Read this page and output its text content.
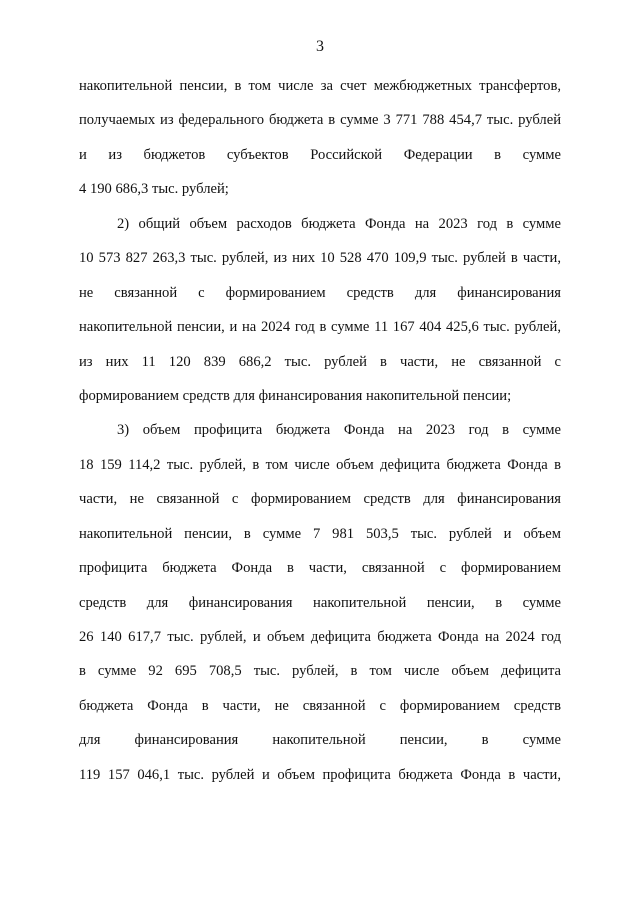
3
накопительной пенсии, в том числе за счет межбюджетных трансфертов,
получаемых из федерального бюджета в сумме 3 771 788 454,7 тыс. рублей
и из бюджетов субъектов Российской Федерации в сумме
4 190 686,3 тыс. рублей;
2) общий объем расходов бюджета Фонда на 2023 год в сумме
10 573 827 263,3 тыс. рублей, из них 10 528 470 109,9 тыс. рублей в части,
не связанной с формированием средств для финансирования
накопительной пенсии, и на 2024 год в сумме 11 167 404 425,6 тыс. рублей,
из них 11 120 839 686,2 тыс. рублей в части, не связанной с
формированием средств для финансирования накопительной пенсии;
3) объем профицита бюджета Фонда на 2023 год в сумме
18 159 114,2 тыс. рублей, в том числе объем дефицита бюджета Фонда в
части, не связанной с формированием средств для финансирования
накопительной пенсии, в сумме 7 981 503,5 тыс. рублей и объем
профицита бюджета Фонда в части, связанной с формированием
средств для финансирования накопительной пенсии, в сумме
26 140 617,7 тыс. рублей, и объем дефицита бюджета Фонда на 2024 год
в сумме 92 695 708,5 тыс. рублей, в том числе объем дефицита
бюджета Фонда в части, не связанной с формированием средств
для финансирования накопительной пенсии, в сумме
119 157 046,1 тыс. рублей и объем профицита бюджета Фонда в части,
